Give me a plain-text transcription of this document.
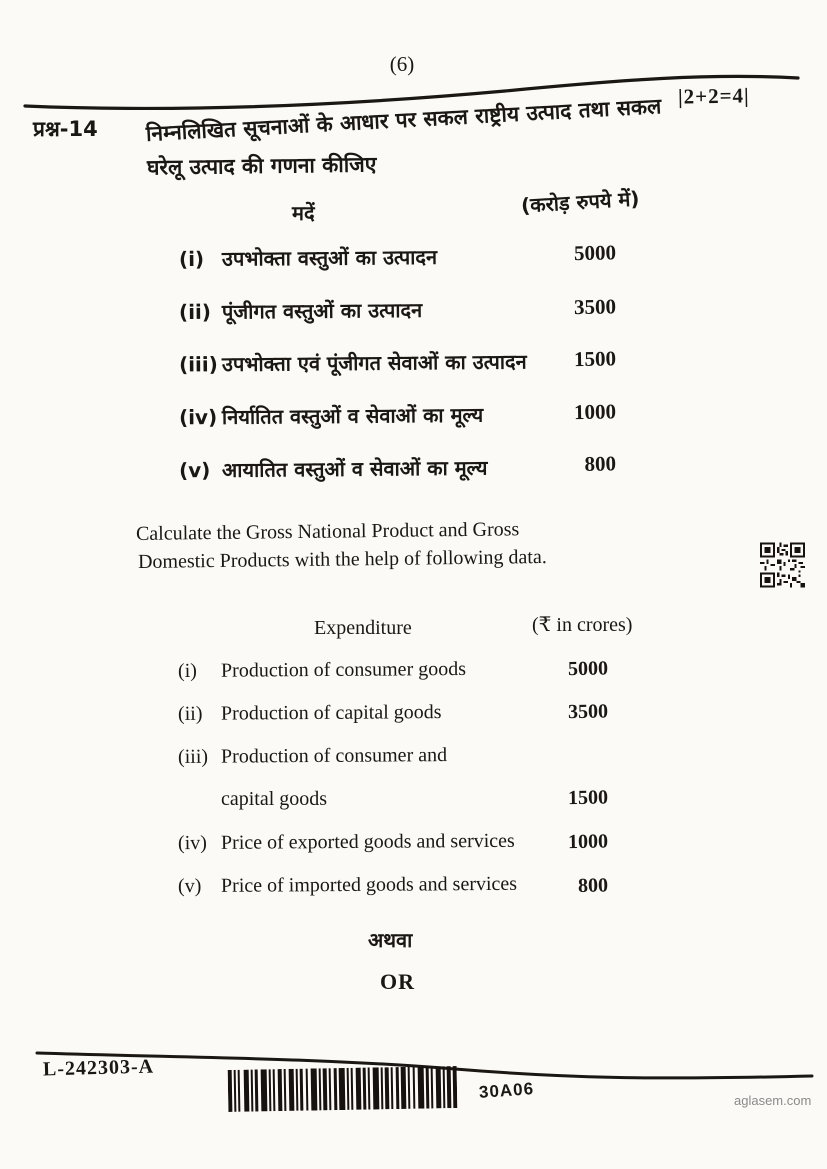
(6)
|2+2=4|
प्रश्न-14 निम्नलिखित सूचनाओं के आधार पर सकल राष्ट्रीय उत्पाद तथा सकल
घरेलू उत्पाद की गणना कीजिए
मदें	(करोड़ रुपये में)
(i) उपभोक्ता वस्तुओं का उत्पादन	5000
(ii) पूंजीगत वस्तुओं का उत्पादन	3500
(iii) उपभोक्ता एवं पूंजीगत सेवाओं का उत्पादन	1500
(iv) निर्यातित वस्तुओं व सेवाओं का मूल्य	1000
(v) आयातित वस्तुओं व सेवाओं का मूल्य	800
Calculate the Gross National Product and Gross
Domestic Products with the help of following data.
Expenditure	(₹ in crores)
(i) Production of consumer goods	5000
(ii) Production of capital goods	3500
(iii) Production of consumer and
capital goods	1500
(iv) Price of exported goods and services	1000
(v) Price of imported goods and services	800
अथवा
OR
L-242303-A
30A06	aglasem.com
